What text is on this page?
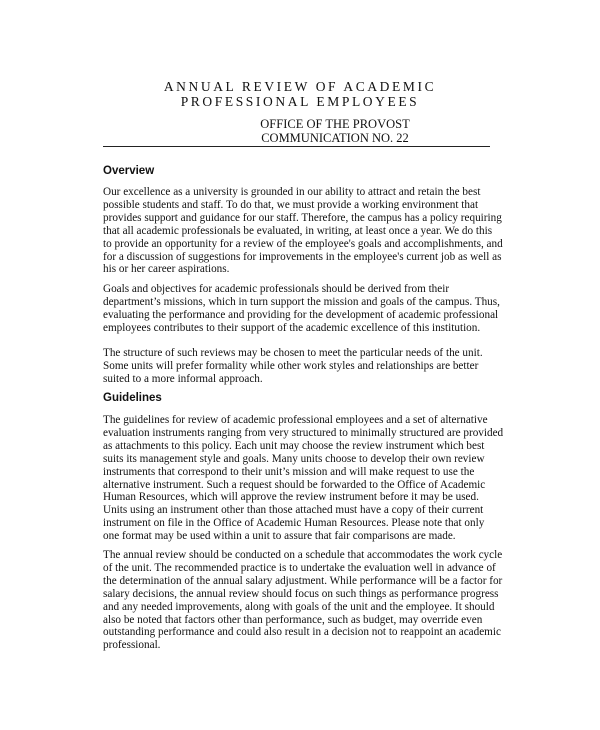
ANNUAL REVIEW OF ACADEMIC
PROFESSIONAL EMPLOYEES
OFFICE OF THE PROVOST
COMMUNICATION NO. 22
Overview
Our excellence as a university is grounded in our ability to attract and retain the best
possible students and staff. To do that, we must provide a working environment that
provides support and guidance for our staff. Therefore, the campus has a policy requiring
that all academic professionals be evaluated, in writing, at least once a year. We do this
to provide an opportunity for a review of the employee's goals and accomplishments, and
for a discussion of suggestions for improvements in the employee's current job as well as
his or her career aspirations.
Goals and objectives for academic professionals should be derived from their
department’s missions, which in turn support the mission and goals of the campus. Thus,
evaluating the performance and providing for the development of academic professional
employees contributes to their support of the academic excellence of this institution.
The structure of such reviews may be chosen to meet the particular needs of the unit.
Some units will prefer formality while other work styles and relationships are better
suited to a more informal approach.
Guidelines
The guidelines for review of academic professional employees and a set of alternative
evaluation instruments ranging from very structured to minimally structured are provided
as attachments to this policy. Each unit may choose the review instrument which best
suits its management style and goals. Many units choose to develop their own review
instruments that correspond to their unit’s mission and will make request to use the
alternative instrument. Such a request should be forwarded to the Office of Academic
Human Resources, which will approve the review instrument before it may be used.
Units using an instrument other than those attached must have a copy of their current
instrument on file in the Office of Academic Human Resources. Please note that only
one format may be used within a unit to assure that fair comparisons are made.
The annual review should be conducted on a schedule that accommodates the work cycle
of the unit. The recommended practice is to undertake the evaluation well in advance of
the determination of the annual salary adjustment. While performance will be a factor for
salary decisions, the annual review should focus on such things as performance progress
and any needed improvements, along with goals of the unit and the employee. It should
also be noted that factors other than performance, such as budget, may override even
outstanding performance and could also result in a decision not to reappoint an academic
professional.
